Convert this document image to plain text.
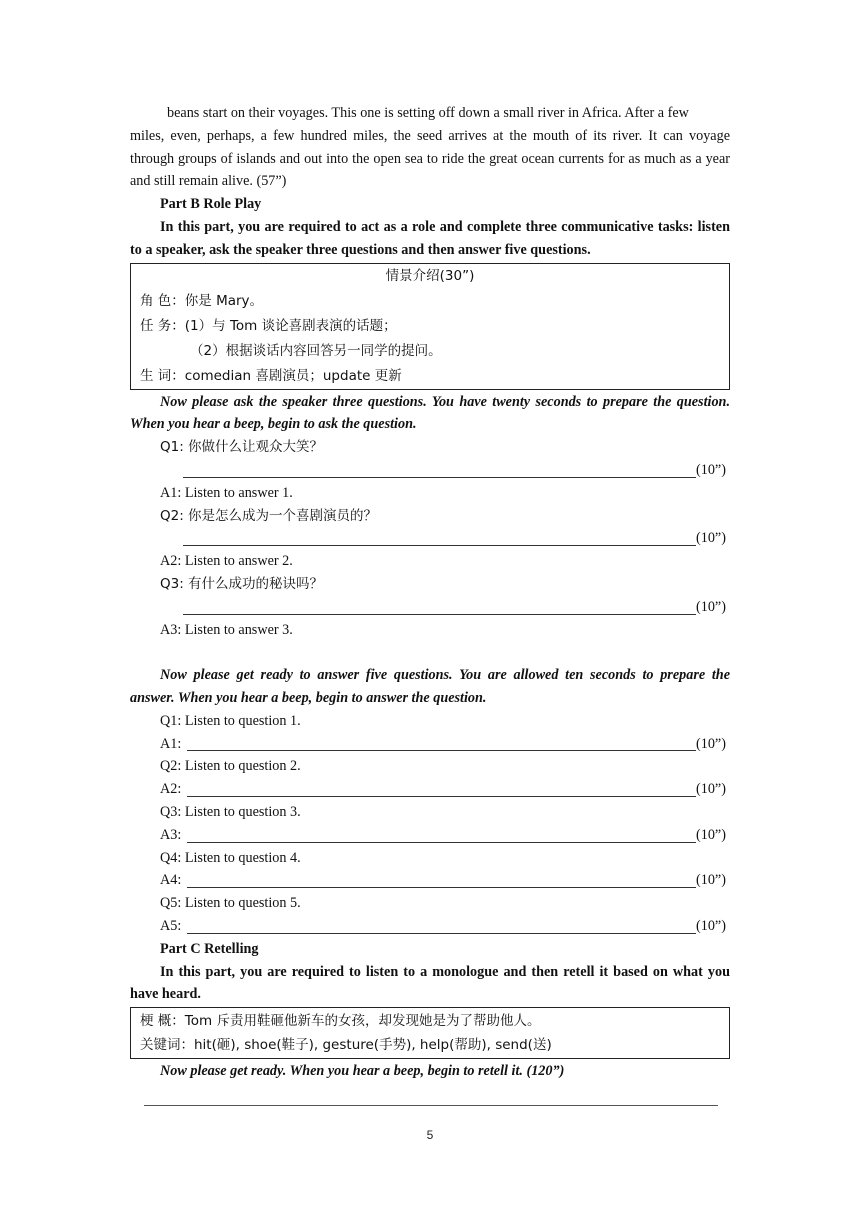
beans start on their voyages. This one is setting off down a small river in Africa. After a few
miles, even, perhaps, a few hundred miles, the seed arrives at the mouth of its river. It can voyage through groups of islands and out into the open sea to ride the great ocean currents for as much as a year and still remain alive. (57”)

Part B Role Play

In this part, you are required to act as a role and complete three communicative tasks: listen to a speaker, ask the speaker three questions and then answer five questions.

情景介绍(30”)
角 色：你是 Mary。
任 务：(1）与 Tom 谈论喜剧表演的话题；
（2）根据谈话内容回答另一同学的提问。
生 词：comedian 喜剧演员；update 更新

Now please ask the speaker three questions. You have twenty seconds to prepare the question. When you hear a beep, begin to ask the question.

Q1: 你做什么让观众大笑？
(10”)
A1: Listen to answer 1.
Q2: 你是怎么成为一个喜剧演员的？
(10”)
A2: Listen to answer 2.
Q3: 有什么成功的秘诀吗？
(10”)
A3: Listen to answer 3.

Now please get ready to answer five questions. You are allowed ten seconds to prepare the answer. When you hear a beep, begin to answer the question.

Q1: Listen to question 1.
A1:	(10”)
Q2: Listen to question 2.
A2:	(10”)
Q3: Listen to question 3.
A3:	(10”)
Q4: Listen to question 4.
A4:	(10”)
Q5: Listen to question 5.
A5:	(10”)

Part C Retelling

In this part, you are required to listen to a monologue and then retell it based on what you have heard.

梗 概：Tom 斥责用鞋砸他新车的女孩，却发现她是为了帮助他人。
关键词：hit(砸), shoe(鞋子), gesture(手势), help(帮助), send(送)

Now please get ready. When you hear a beep, begin to retell it. (120”)

5
